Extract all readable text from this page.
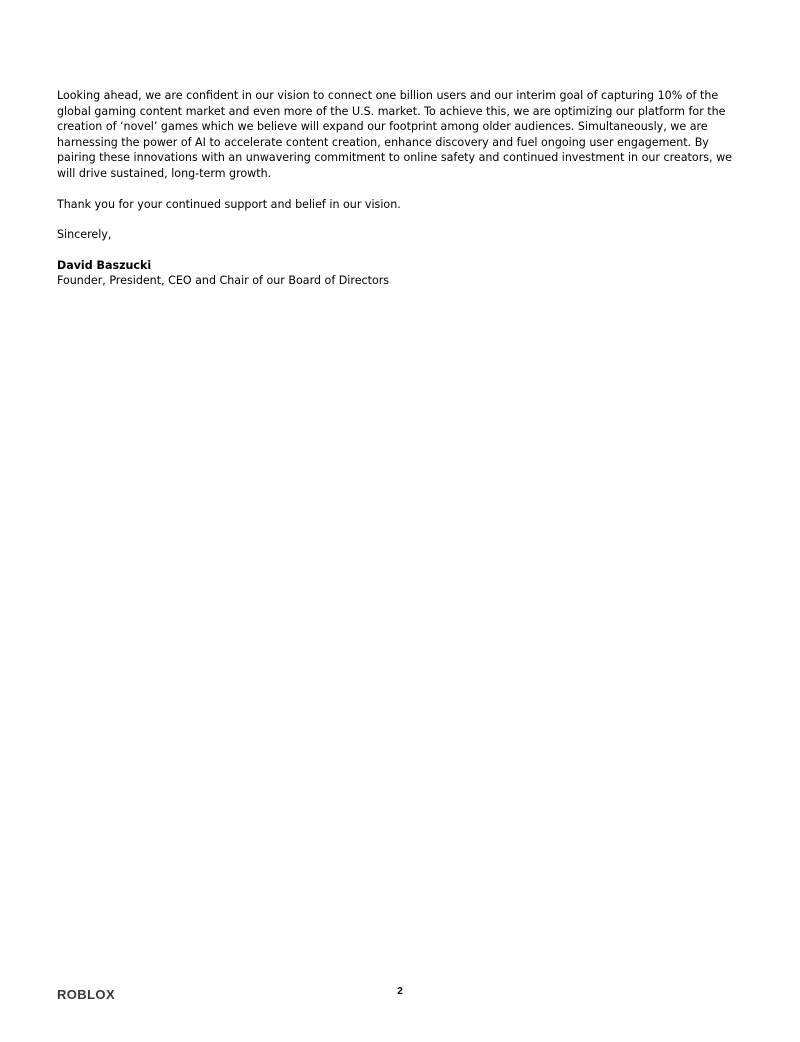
Looking ahead, we are confident in our vision to connect one billion users and our interim goal of capturing 10% of the global gaming content market and even more of the U.S. market. To achieve this, we are optimizing our platform for the creation of ‘novel’ games which we believe will expand our footprint among older audiences. Simultaneously, we are harnessing the power of AI to accelerate content creation, enhance discovery and fuel ongoing user engagement. By pairing these innovations with an unwavering commitment to online safety and continued investment in our creators, we will drive sustained, long-term growth.

Thank you for your continued support and belief in our vision.

Sincerely,

David Baszucki

Founder, President, CEO and Chair of our Board of Directors

ROBLOX	2
